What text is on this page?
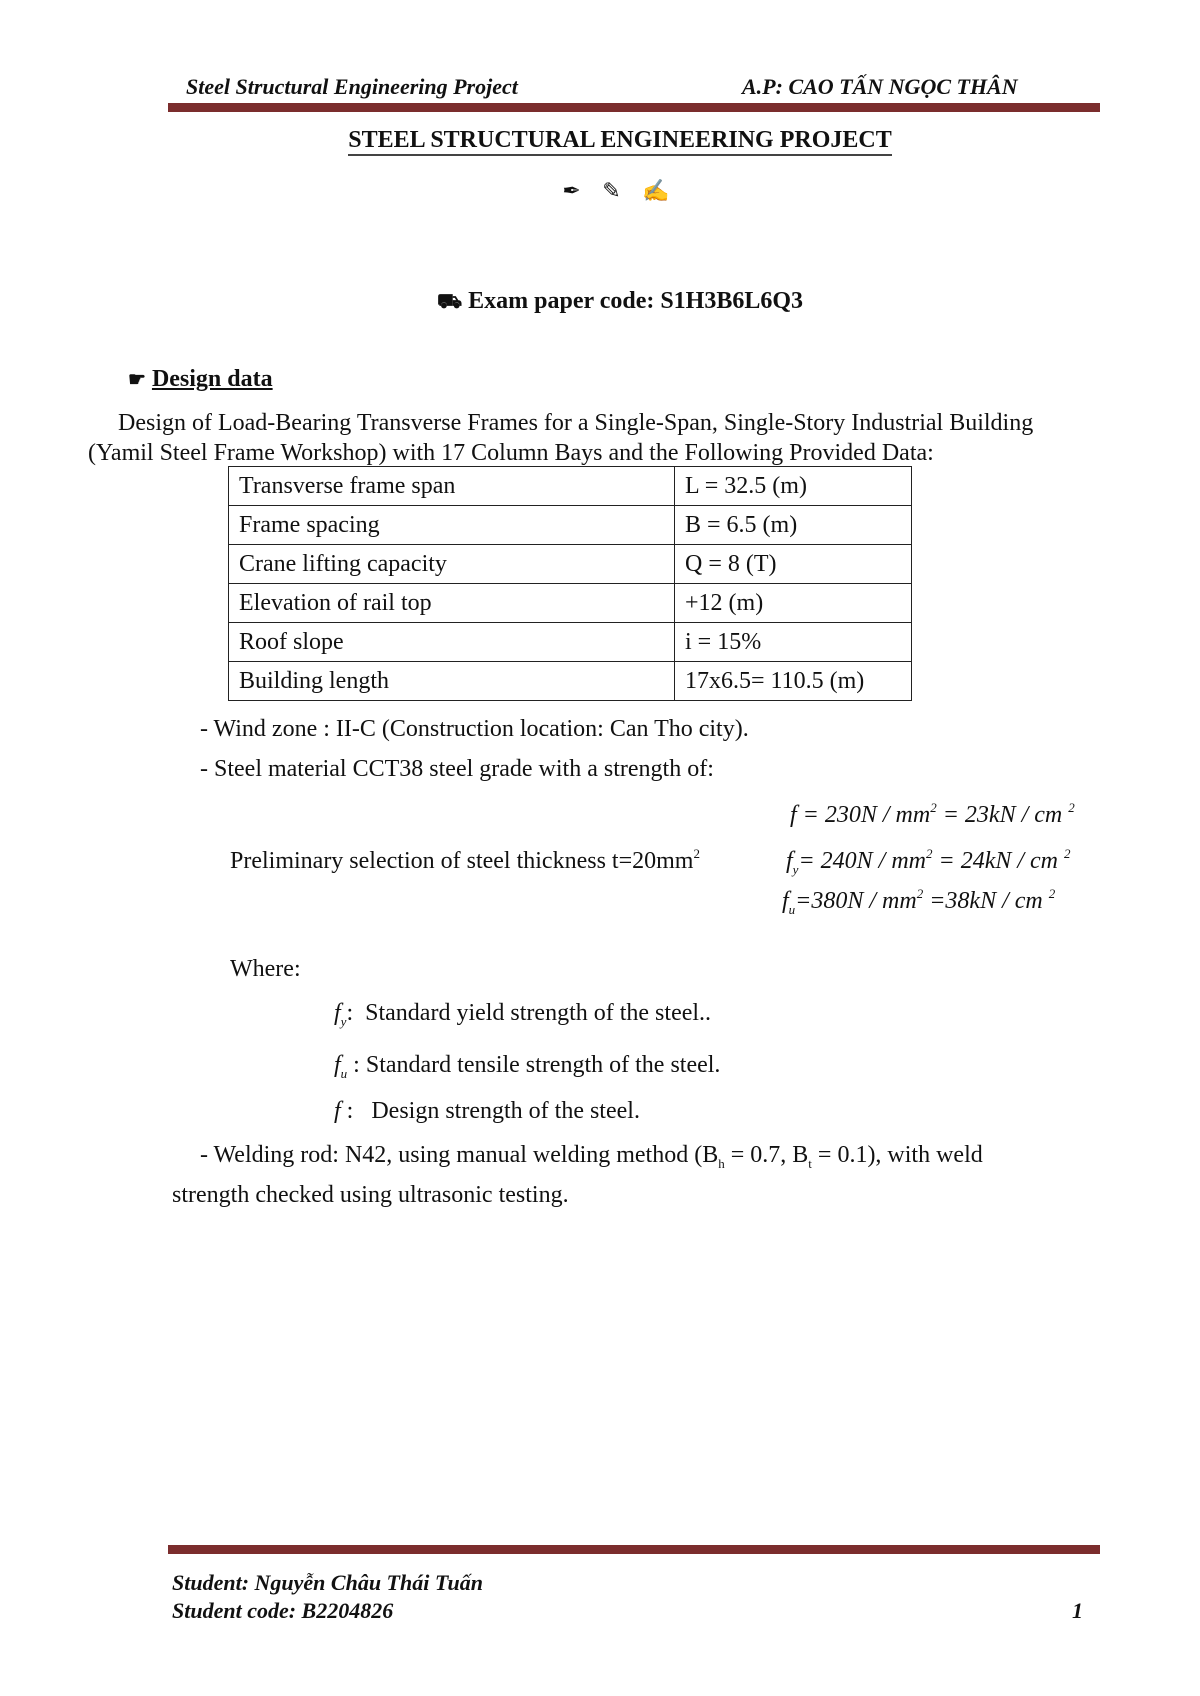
Steel Structural Engineering Project	A.P: CAO TẤN NGỌC THÂN
STEEL STRUCTURAL ENGINEERING PROJECT
✒ ✎ ✍
⛟ Exam paper code: S1H3B6L6Q3
☛ Design data
Design of Load-Bearing Transverse Frames for a Single-Span, Single-Story Industrial Building
(Yamil Steel Frame Workshop) with 17 Column Bays and the Following Provided Data:
Transverse frame span	L = 32.5 (m)
Frame spacing	B = 6.5 (m)
Crane lifting capacity	Q = 8 (T)
Elevation of rail top	+12 (m)
Roof slope	i = 15%
Building length	17x6.5= 110.5 (m)
- Wind zone : II-C (Construction location: Can Tho city).
- Steel material CCT38 steel grade with a strength of:
$f = 230N / mm^2 = 23kN$ / cm $^2$
Preliminary selection of steel thickness $t=20mm^2$	$f_y= 240N / mm^2 = 24kN$ / cm $^2$
$f_u=380N / mm^2 =38kN$ / cm $^2$
Where:
$f_y$:  Standard yield strength of the steel..
$f_u$ : Standard tensile strength of the steel.
f :   Design strength of the steel.
- Welding rod: N42, using manual welding method ($B_h = 0.7$, $B_t = 0.1$), with weld
strength checked using ultrasonic testing.
Student: Nguyễn Châu Thái Tuấn
Student code: B2204826	1
